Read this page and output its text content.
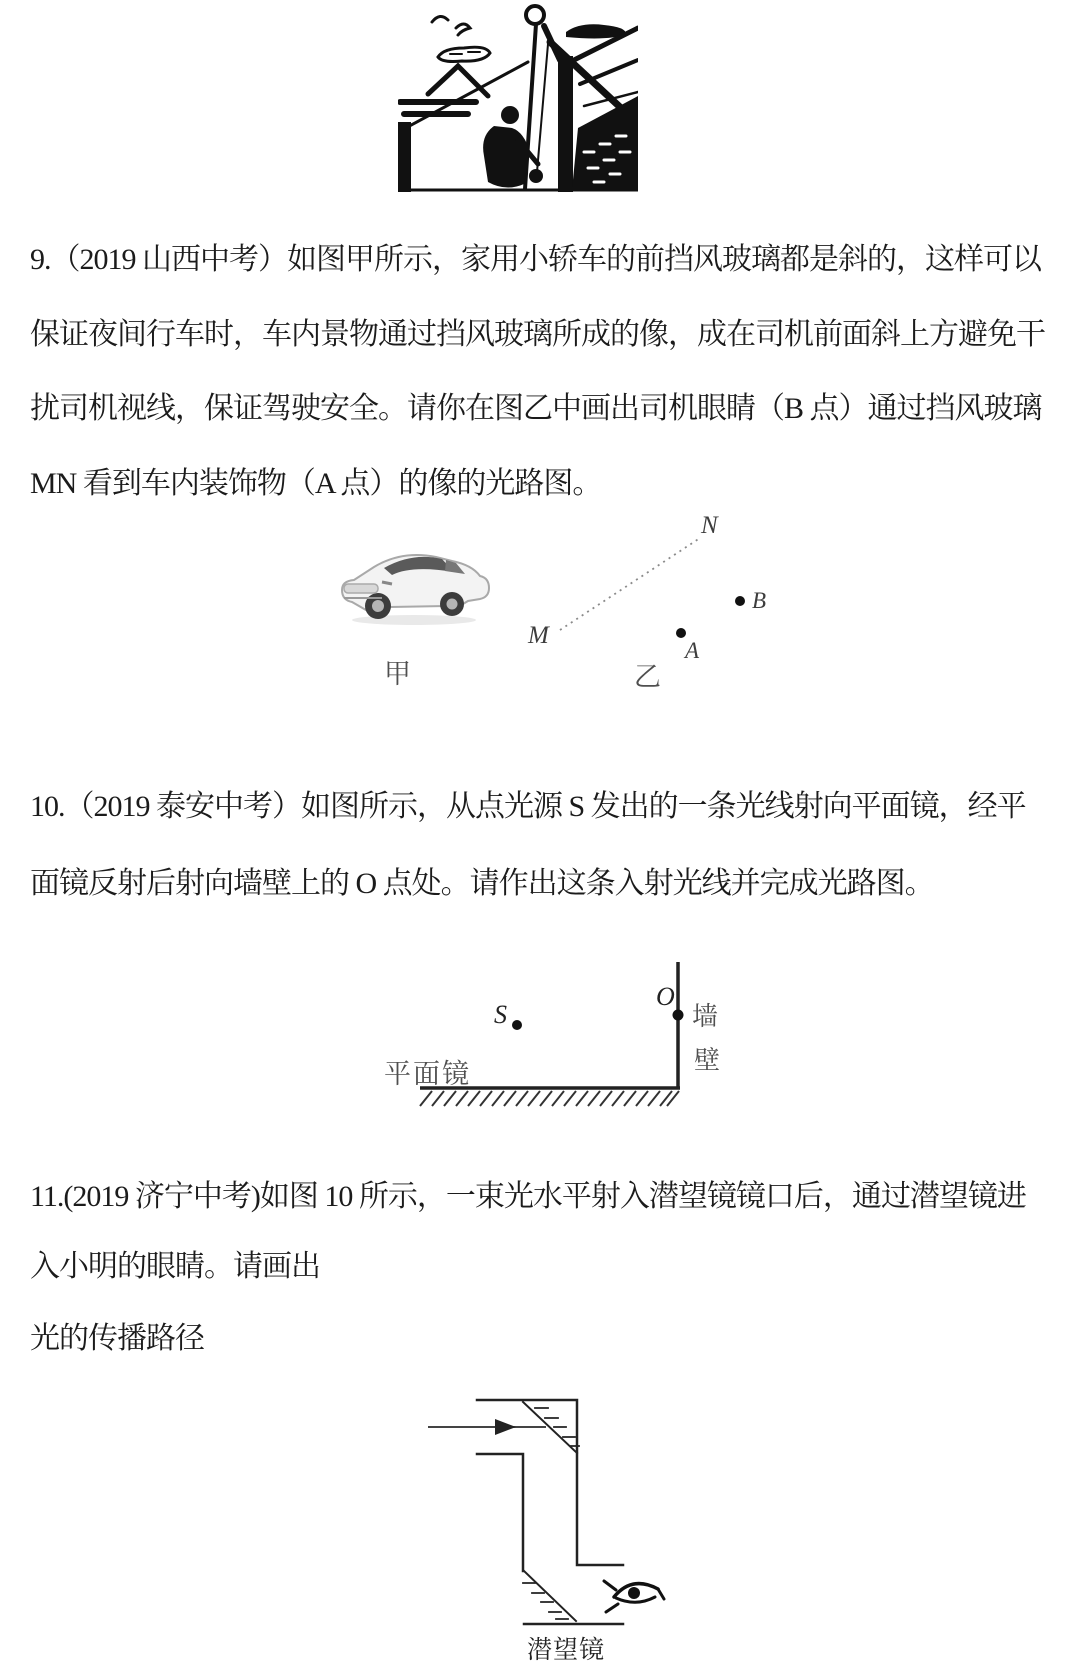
9.（2019 山西中考）如图甲所示，家用小轿车的前挡风玻璃都是斜的，这样可以
保证夜间行车时，车内景物通过挡风玻璃所成的像，成在司机前面斜上方避免干
扰司机视线，保证驾驶安全。请你在图乙中画出司机眼睛（B 点）通过挡风玻璃
MN 看到车内装饰物（A 点）的像的光路图。
N
M
B
A
甲	乙
10.（2019 泰安中考）如图所示，从点光源 S 发出的一条光线射向平面镜，经平
面镜反射后射向墙壁上的 O 点处。请作出这条入射光线并完成光路图。
S
O
平面镜
墙
壁
11.(2019 济宁中考)如图 10 所示，一束光水平射入潜望镜镜口后，通过潜望镜进
入小明的眼睛。请画出
光的传播路径
潜望镜
